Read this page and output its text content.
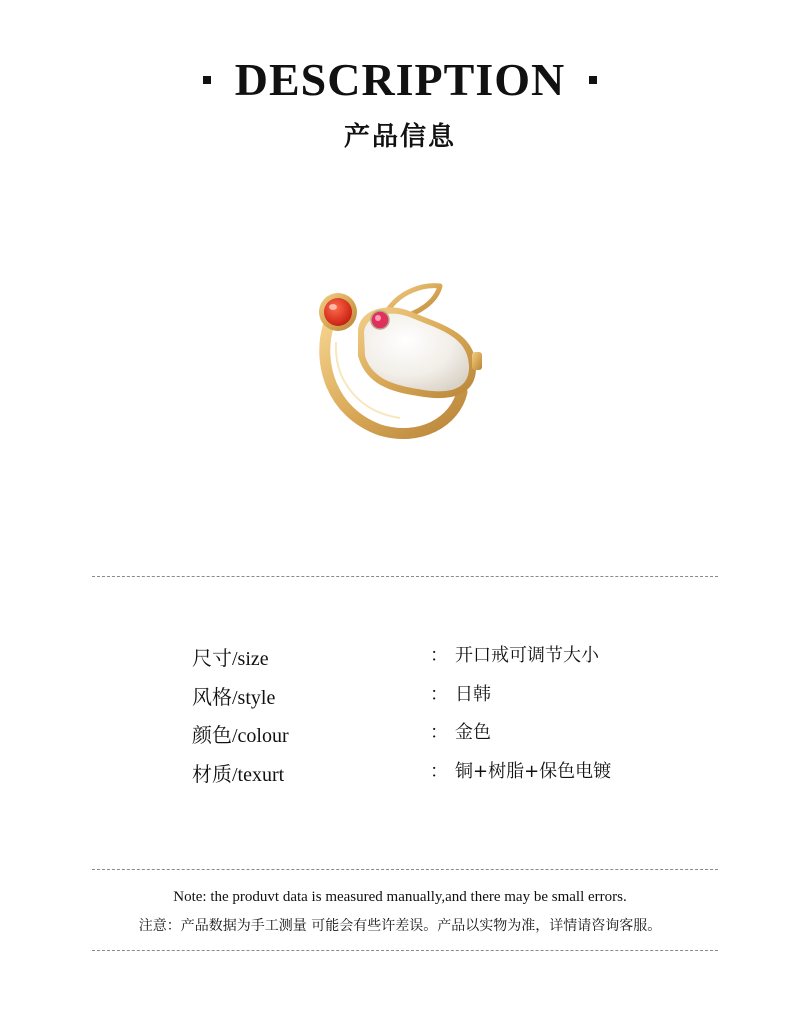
DESCRIPTION
产品信息
尺寸/size	： 开口戒可调节大小
风格/style	： 日韩
颜色/colour	： 金色
材质/texurt	： 铜+树脂+保色电镀
Note: the produvt data is measured manually,and there may be small errors.
注意：产品数据为手工测量 可能会有些许差误。产品以实物为准，详情请咨询客服。
